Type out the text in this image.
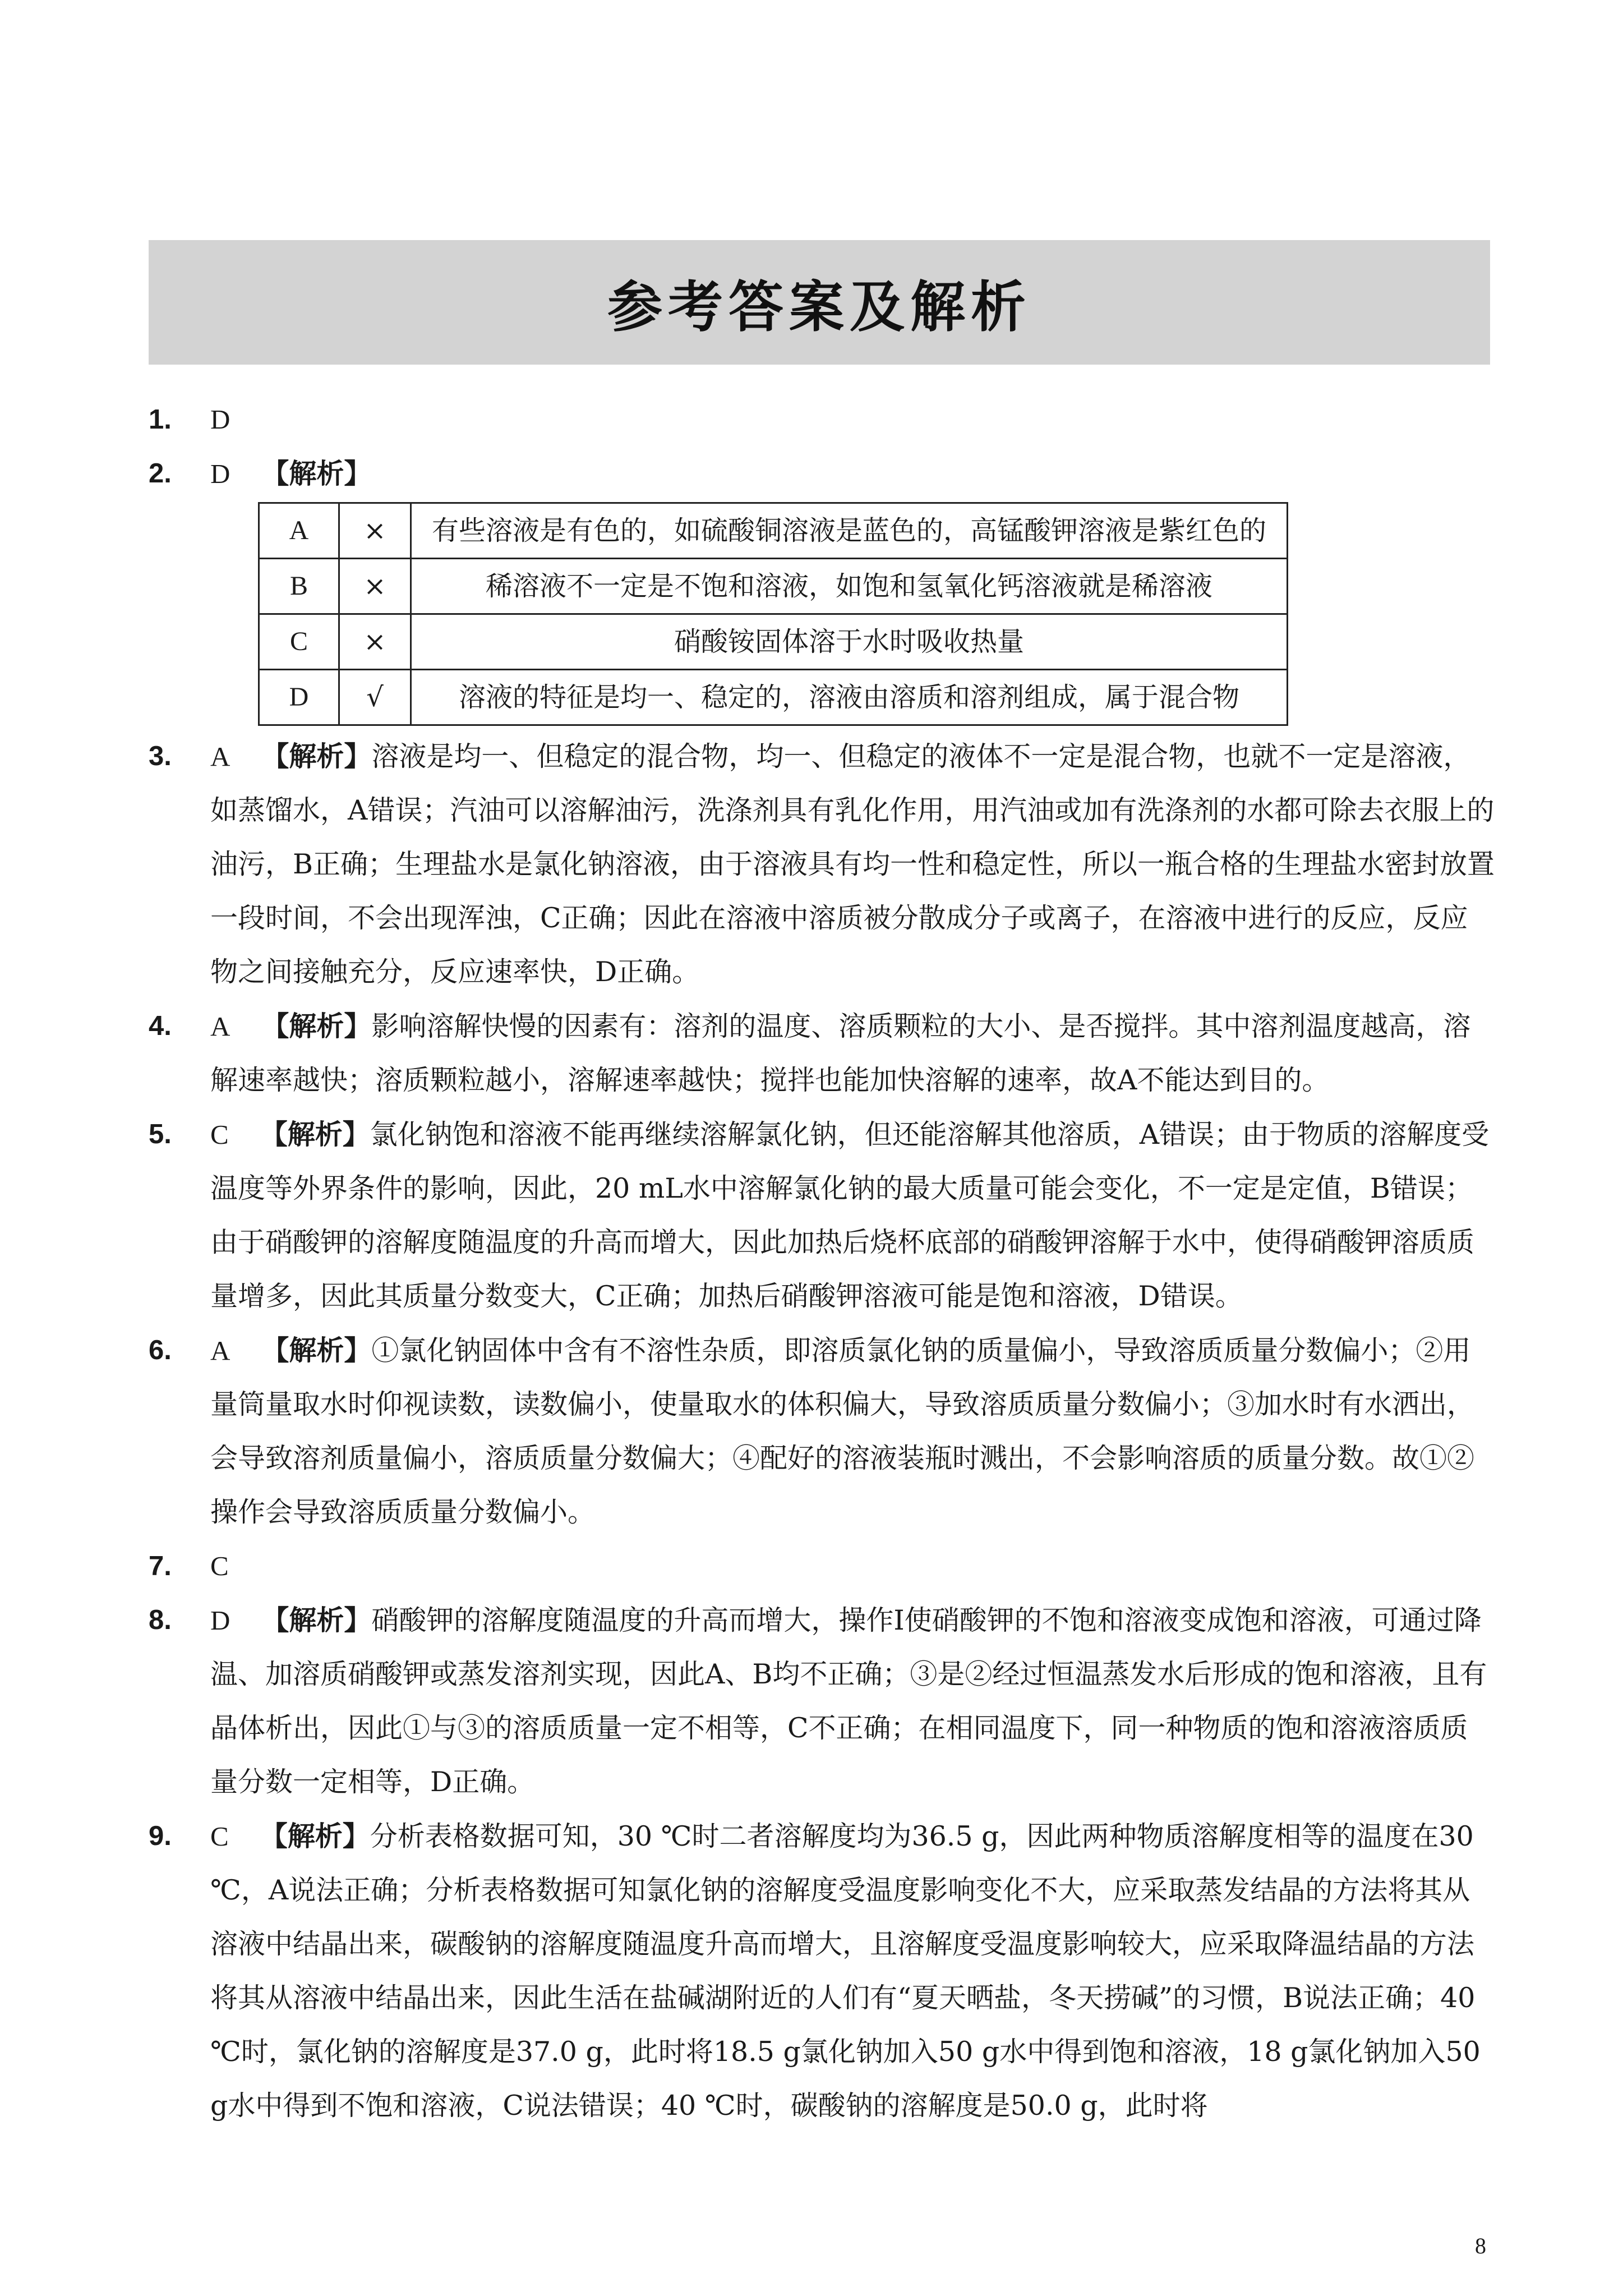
参考答案及解析
1. D
2. D 【解析】
A	×	有些溶液是有色的，如硫酸铜溶液是蓝色的，高锰酸钾溶液是紫红色的
B	×	稀溶液不一定是不饱和溶液，如饱和氢氧化钙溶液就是稀溶液
C	×	硝酸铵固体溶于水时吸收热量
D	√	溶液的特征是均一、稳定的，溶液由溶质和溶剂组成，属于混合物
3. A 【解析】溶液是均一、但稳定的混合物，均一、但稳定的液体不一定是混合物，也就不一定是溶液，如蒸馏水，A错误；汽油可以溶解油污，洗涤剂具有乳化作用，用汽油或加有洗涤剂的水都可除去衣服上的油污，B正确；生理盐水是氯化钠溶液，由于溶液具有均一性和稳定性，所以一瓶合格的生理盐水密封放置一段时间，不会出现浑浊，C正确；因此在溶液中溶质被分散成分子或离子，在溶液中进行的反应，反应物之间接触充分，反应速率快，D正确。
4. A 【解析】影响溶解快慢的因素有：溶剂的温度、溶质颗粒的大小、是否搅拌。其中溶剂温度越高，溶解速率越快；溶质颗粒越小，溶解速率越快；搅拌也能加快溶解的速率，故A不能达到目的。
5. C 【解析】氯化钠饱和溶液不能再继续溶解氯化钠，但还能溶解其他溶质，A错误；由于物质的溶解度受温度等外界条件的影响，因此，20 mL水中溶解氯化钠的最大质量可能会变化，不一定是定值，B错误；由于硝酸钾的溶解度随温度的升高而增大，因此加热后烧杯底部的硝酸钾溶解于水中，使得硝酸钾溶质质量增多，因此其质量分数变大，C正确；加热后硝酸钾溶液可能是饱和溶液，D错误。
6. A 【解析】①氯化钠固体中含有不溶性杂质，即溶质氯化钠的质量偏小，导致溶质质量分数偏小；②用量筒量取水时仰视读数，读数偏小，使量取水的体积偏大，导致溶质质量分数偏小；③加水时有水洒出，会导致溶剂质量偏小，溶质质量分数偏大；④配好的溶液装瓶时溅出，不会影响溶质的质量分数。故①②操作会导致溶质质量分数偏小。
7. C
8. D 【解析】硝酸钾的溶解度随温度的升高而增大，操作Ⅰ使硝酸钾的不饱和溶液变成饱和溶液，可通过降温、加溶质硝酸钾或蒸发溶剂实现，因此A、B均不正确；③是②经过恒温蒸发水后形成的饱和溶液，且有晶体析出，因此①与③的溶质质量一定不相等，C不正确；在相同温度下，同一种物质的饱和溶液溶质质量分数一定相等，D正确。
9. C 【解析】分析表格数据可知，30 ℃时二者溶解度均为36.5 g，因此两种物质溶解度相等的温度在30 ℃，A说法正确；分析表格数据可知氯化钠的溶解度受温度影响变化不大，应采取蒸发结晶的方法将其从溶液中结晶出来，碳酸钠的溶解度随温度升高而增大，且溶解度受温度影响较大，应采取降温结晶的方法将其从溶液中结晶出来，因此生活在盐碱湖附近的人们有“夏天晒盐，冬天捞碱”的习惯，B说法正确；40 ℃时，氯化钠的溶解度是37.0 g，此时将18.5 g氯化钠加入50 g水中得到饱和溶液，18 g氯化钠加入50 g水中得到不饱和溶液，C说法错误；40 ℃时，碳酸钠的溶解度是50.0 g，此时将
8
